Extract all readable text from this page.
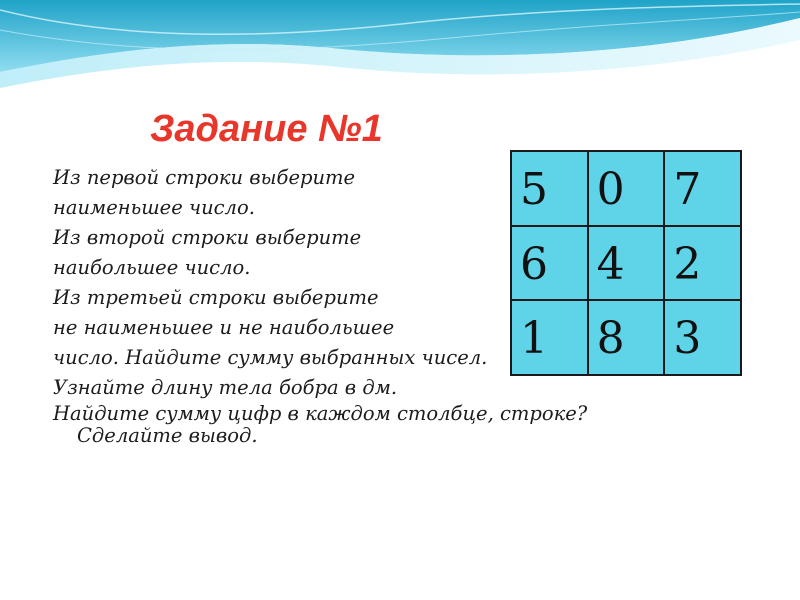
Задание №1
Из первой строки выберите
наименьшее число.
Из второй строки выберите
наибольшее число.
Из третьей строки выберите
не наименьшее и не наибольшее
число. Найдите сумму выбранных чисел.
Узнайте длину тела бобра в дм.
Найдите сумму цифр в каждом столбце, строке?
Сделайте вывод.
5	0	7
6	4	2
1	8	3
